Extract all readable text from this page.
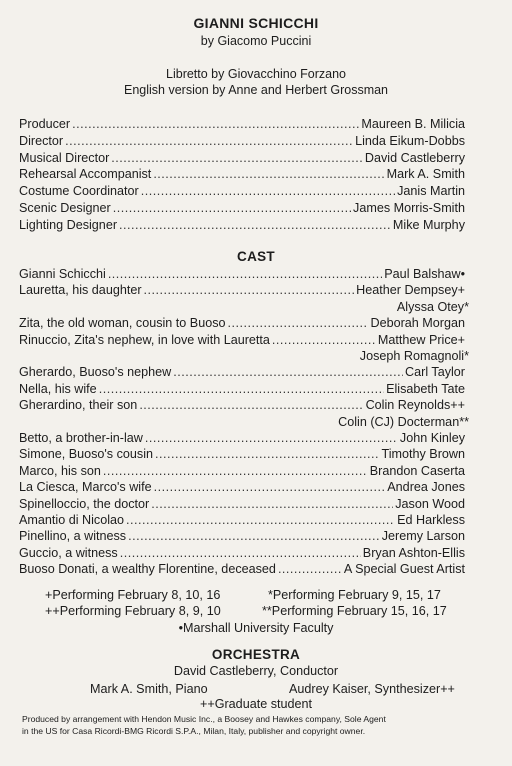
GIANNI SCHICCHI
by Giacomo Puccini
Libretto by Giovacchino Forzano
English version by Anne and Herbert Grossman
Producer .....	Maureen B. Milicia
Director .....	Linda Eikum-Dobbs
Musical Director .....	David Castleberry
Rehearsal Accompanist .....	Mark A. Smith
Costume Coordinator .....	Janis Martin
Scenic Designer .....	James Morris-Smith
Lighting Designer .....	Mike Murphy
CAST
Gianni Schicchi .....	Paul Balshaw•
Lauretta, his daughter .....	Heather Dempsey+
Alyssa Otey*
Zita, the old woman, cousin to Buoso .....	Deborah Morgan
Rinuccio, Zita's nephew, in love with Lauretta .....	Matthew Price+
Joseph Romagnoli*
Gherardo, Buoso's nephew .....	Carl Taylor
Nella, his wife .....	Elisabeth Tate
Gherardino, their son .....	Colin Reynolds++
Colin (CJ) Docterman**
Betto, a brother-in-law .....	John Kinley
Simone, Buoso's cousin .....	Timothy Brown
Marco, his son .....	Brandon Caserta
La Ciesca, Marco's wife .....	Andrea Jones
Spinelloccio, the doctor .....	Jason Wood
Amantio di Nicolao .....	Ed Harkless
Pinellino, a witness .....	Jeremy Larson
Guccio, a witness .....	Bryan Ashton-Ellis
Buoso Donati, a wealthy Florentine, deceased .....	A Special Guest Artist
+Performing February 8, 10, 16	*Performing February 9, 15, 17
++Performing February 8, 9, 10	**Performing February 15, 16, 17
•Marshall University Faculty
ORCHESTRA
David Castleberry, Conductor
Mark A. Smith, Piano	Audrey Kaiser, Synthesizer++
++Graduate student
Produced by arrangement with Hendon Music Inc., a Boosey and Hawkes company, Sole Agent
in the US for Casa Ricordi-BMG Ricordi S.P.A., Milan, Italy, publisher and copyright owner.
